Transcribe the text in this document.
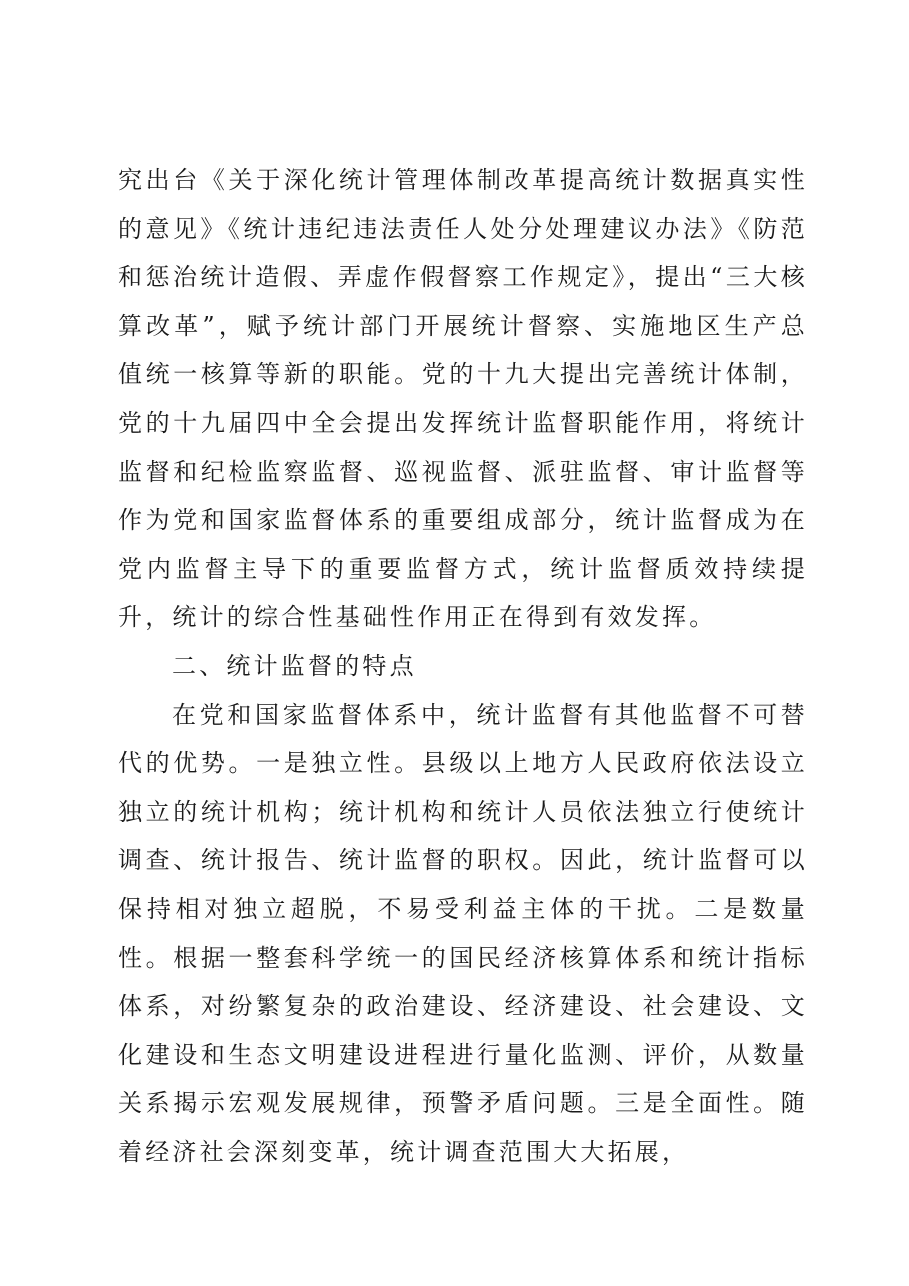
究出台《关于深化统计管理体制改革提高统计数据真实性的意见》《统计违纪违法责任人处分处理建议办法》《防范和惩治统计造假、弄虚作假督察工作规定》，提出“三大核算改革”，赋予统计部门开展统计督察、实施地区生产总值统一核算等新的职能。党的十九大提出完善统计体制，党的十九届四中全会提出发挥统计监督职能作用，将统计监督和纪检监察监督、巡视监督、派驻监督、审计监督等作为党和国家监督体系的重要组成部分，统计监督成为在党内监督主导下的重要监督方式，统计监督质效持续提升，统计的综合性基础性作用正在得到有效发挥。

二、统计监督的特点

在党和国家监督体系中，统计监督有其他监督不可替代的优势。一是独立性。县级以上地方人民政府依法设立独立的统计机构；统计机构和统计人员依法独立行使统计调查、统计报告、统计监督的职权。因此，统计监督可以保持相对独立超脱，不易受利益主体的干扰。二是数量性。根据一整套科学统一的国民经济核算体系和统计指标体系，对纷繁复杂的政治建设、经济建设、社会建设、文化建设和生态文明建设进程进行量化监测、评价，从数量关系揭示宏观发展规律，预警矛盾问题。三是全面性。随着经济社会深刻变革，统计调查范围大大拓展，
